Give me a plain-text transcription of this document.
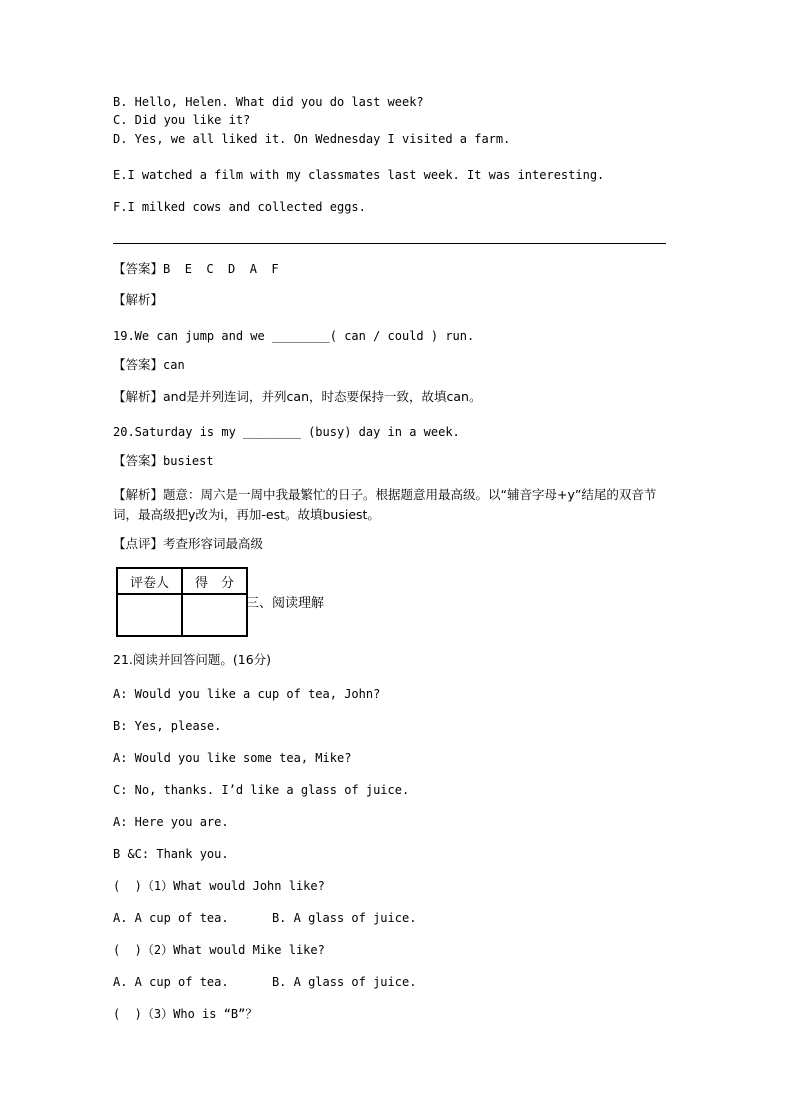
B. Hello, Helen. What did you do last week?
C. Did you like it?
D. Yes, we all liked it. On Wednesday I visited a farm.
E.I watched a film with my classmates last week. It was interesting.
F.I milked cows and collected eggs.
【答案】B  E  C  D  A  F
【解析】
19.We can jump and we ________( can / could ) run.
【答案】can
【解析】and是并列连词，并列can，时态要保持一致，故填can。
20.Saturday is my ________ (busy) day in a week.
【答案】busiest
【解析】题意：周六是一周中我最繁忙的日子。根据题意用最高级。以“辅音字母+y”结尾的双音节词，最高级把y改为i，再加-est。故填busiest。
【点评】考查形容词最高级
评卷人	得　分

三、阅读理解
21.阅读并回答问题。(16分)
A: Would you like a cup of tea, John?
B: Yes, please.
A: Would you like some tea, Mike?
C: No, thanks. I’d like a glass of juice.
A: Here you are.
B &C: Thank you.
(  )（1）What would John like?
A. A cup of tea.      B. A glass of juice.
(  )（2）What would Mike like?
A. A cup of tea.      B. A glass of juice.
(  )（3）Who is “B”？
